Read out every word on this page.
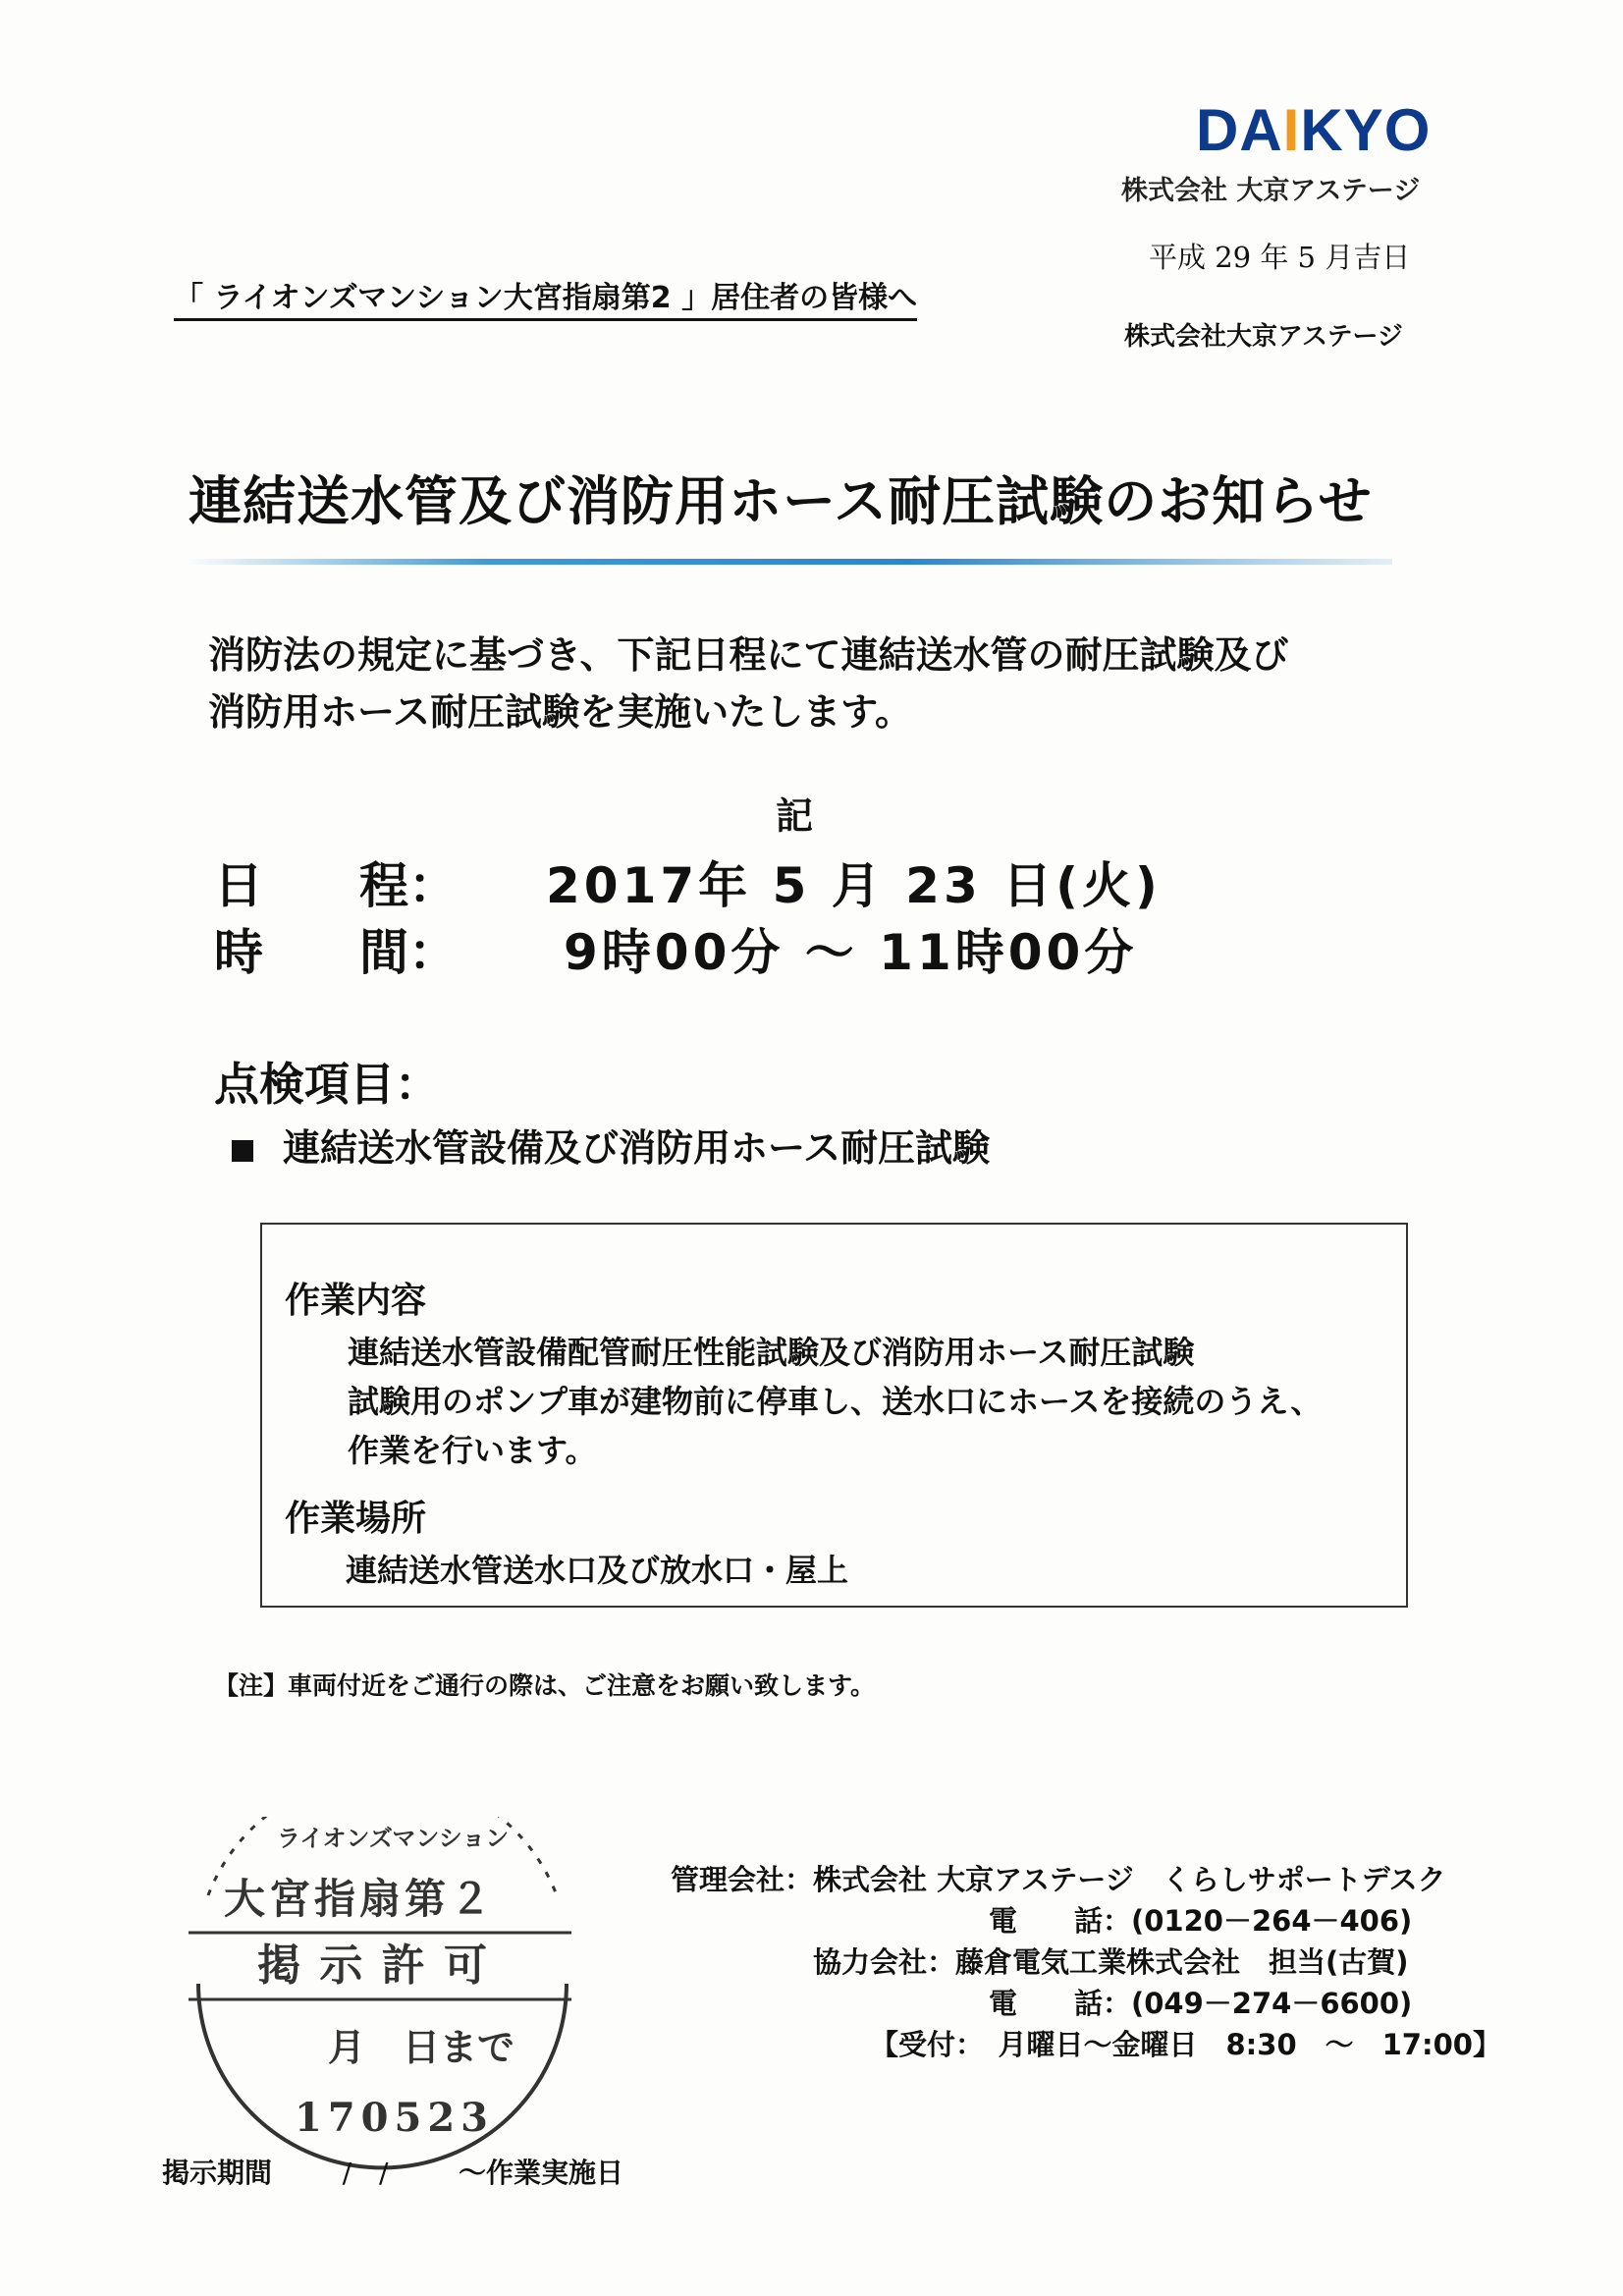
DAIKYO
株式会社 大京アステージ
平成 29 年 5 月吉日
「 ライオンズマンション大宮指扇第2 」居住者の皆様へ
株式会社大京アステージ
連結送水管及び消防用ホース耐圧試験のお知らせ
消防法の規定に基づき、下記日程にて連結送水管の耐圧試験及び
消防用ホース耐圧試験を実施いたします。
記
日 程： 2017年 5 月 23 日(火)
時 間： 9時00分 ～ 11時00分
点検項目：
連結送水管設備及び消防用ホース耐圧試験
作業内容
連結送水管設備配管耐圧性能試験及び消防用ホース耐圧試験
試験用のポンプ車が建物前に停車し、送水口にホースを接続のうえ、
作業を行います。
作業場所
連結送水管送水口及び放水口・屋上
【注】車両付近をご通行の際は、ご注意をお願い致します。
管理会社：株式会社 大京アステージ　くらしサポートデスク
電　　話：(0120－264－406)
協力会社：藤倉電気工業株式会社　担当(古賀)
電　　話：(049－274－6600)
【受付：　月曜日～金曜日　8:30　～　17:00】
ライオンズマンション
大宮指扇第２
掲 示 許 可
月　日まで
170523
掲示期間	/　/	～作業実施日
